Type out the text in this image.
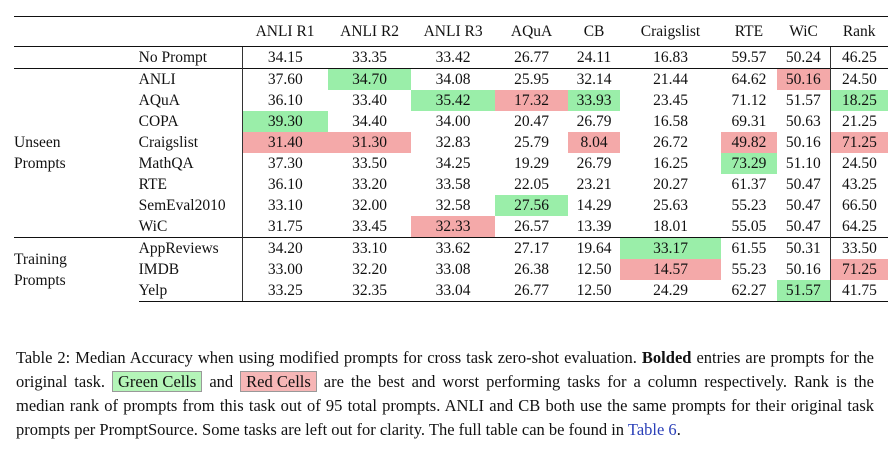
		ANLI R1	ANLI R2	ANLI R3	AQuA	CB	Craigslist	RTE	WiC	Rank
	No Prompt	34.15	33.35	33.42	26.77	24.11	16.83	59.57	50.24	46.25

Unseen
Prompts	ANLI	37.60	34.70	34.08	25.95	32.14	21.44	64.62	50.16	24.50
	AQuA	36.10	33.40	35.42	17.32	33.93	23.45	71.12	51.57	18.25
	COPA	39.30	34.40	34.00	20.47	26.79	16.58	69.31	50.63	21.25
	Craigslist	31.40	31.30	32.83	25.79	8.04	26.72	49.82	50.16	71.25
	MathQA	37.30	33.50	34.25	19.29	26.79	16.25	73.29	51.10	24.50
	RTE	36.10	33.20	33.58	22.05	23.21	20.27	61.37	50.47	43.25
	SemEval2010	33.10	32.00	32.58	27.56	14.29	25.63	55.23	50.47	66.50
	WiC	31.75	33.45	32.33	26.57	13.39	18.01	55.05	50.47	64.25

Training
Prompts	AppReviews	34.20	33.10	33.62	27.17	19.64	33.17	61.55	50.31	33.50
	IMDB	33.00	32.20	33.08	26.38	12.50	14.57	55.23	50.16	71.25
	Yelp	33.25	32.35	33.04	26.77	12.50	24.29	62.27	51.57	41.75
Table 2: Median Accuracy when using modified prompts for cross task zero-shot evaluation. Bolded entries are prompts for the original task. Green Cells and Red Cells are the best and worst performing tasks for a column respectively. Rank is the median rank of prompts from this task out of 95 total prompts. ANLI and CB both use the same prompts for their original task prompts per PromptSource. Some tasks are left out for clarity. The full table can be found in Table 6.
